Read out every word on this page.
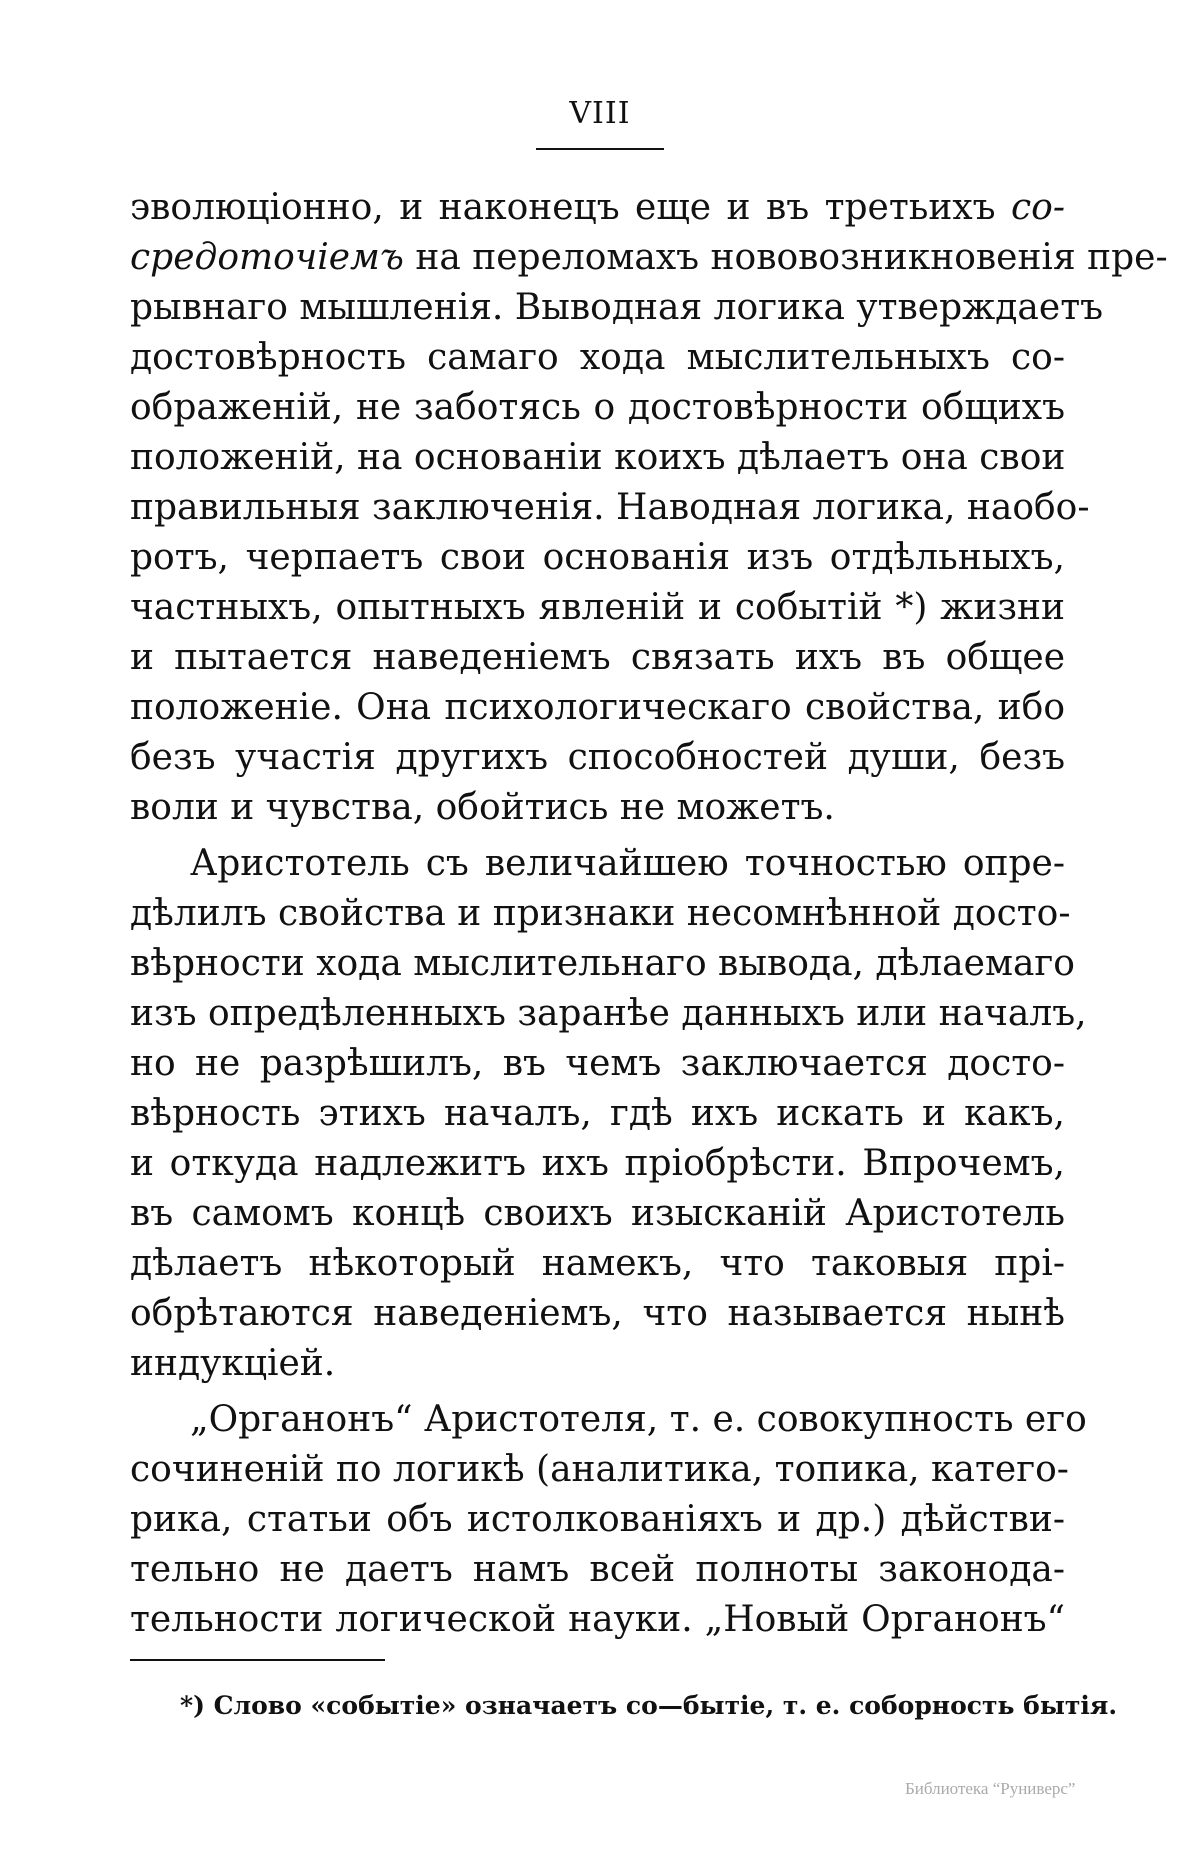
VIII
эволюціонно, и наконецъ еще и въ третьихъ со-
средоточіемъ на переломахъ нововозникновенія пре-
рывнаго мышленія. Выводная логика утверждаетъ
достовѣрность самаго хода мыслительныхъ со-
ображеній, не заботясь о достовѣрности общихъ
положеній, на основаніи коихъ дѣлаетъ она свои
правильныя заключенія. Наводная логика, наобо-
ротъ, черпаетъ свои основанія изъ отдѣльныхъ,
частныхъ, опытныхъ явленій и событій *) жизни
и пытается наведеніемъ связать ихъ въ общее
положеніе. Она психологическаго свойства, ибо
безъ участія другихъ способностей души, безъ
воли и чувства, обойтись не можетъ.
Аристотель съ величайшею точностью опре-
дѣлилъ свойства и признаки несомнѣнной досто-
вѣрности хода мыслительнаго вывода, дѣлаемаго
изъ опредѣленныхъ заранѣе данныхъ или началъ,
но не разрѣшилъ, въ чемъ заключается досто-
вѣрность этихъ началъ, гдѣ ихъ искать и какъ,
и откуда надлежитъ ихъ пріобрѣсти. Впрочемъ,
въ самомъ концѣ своихъ изысканій Аристотель
дѣлаетъ нѣкоторый намекъ, что таковыя прі-
обрѣтаются наведеніемъ, что называется нынѣ
индукціей.
„Органонъ“ Аристотеля, т. е. совокупность его
сочиненій по логикѣ (аналитика, топика, катего-
рика, статьи объ истолкованіяхъ и др.) дѣйстви-
тельно не даетъ намъ всей полноты законода-
тельности логической науки. „Новый Органонъ“
*) Слово «событіе» означаетъ со—бытіе, т. е. соборность бытія.
Библиотека “Руниверс”
